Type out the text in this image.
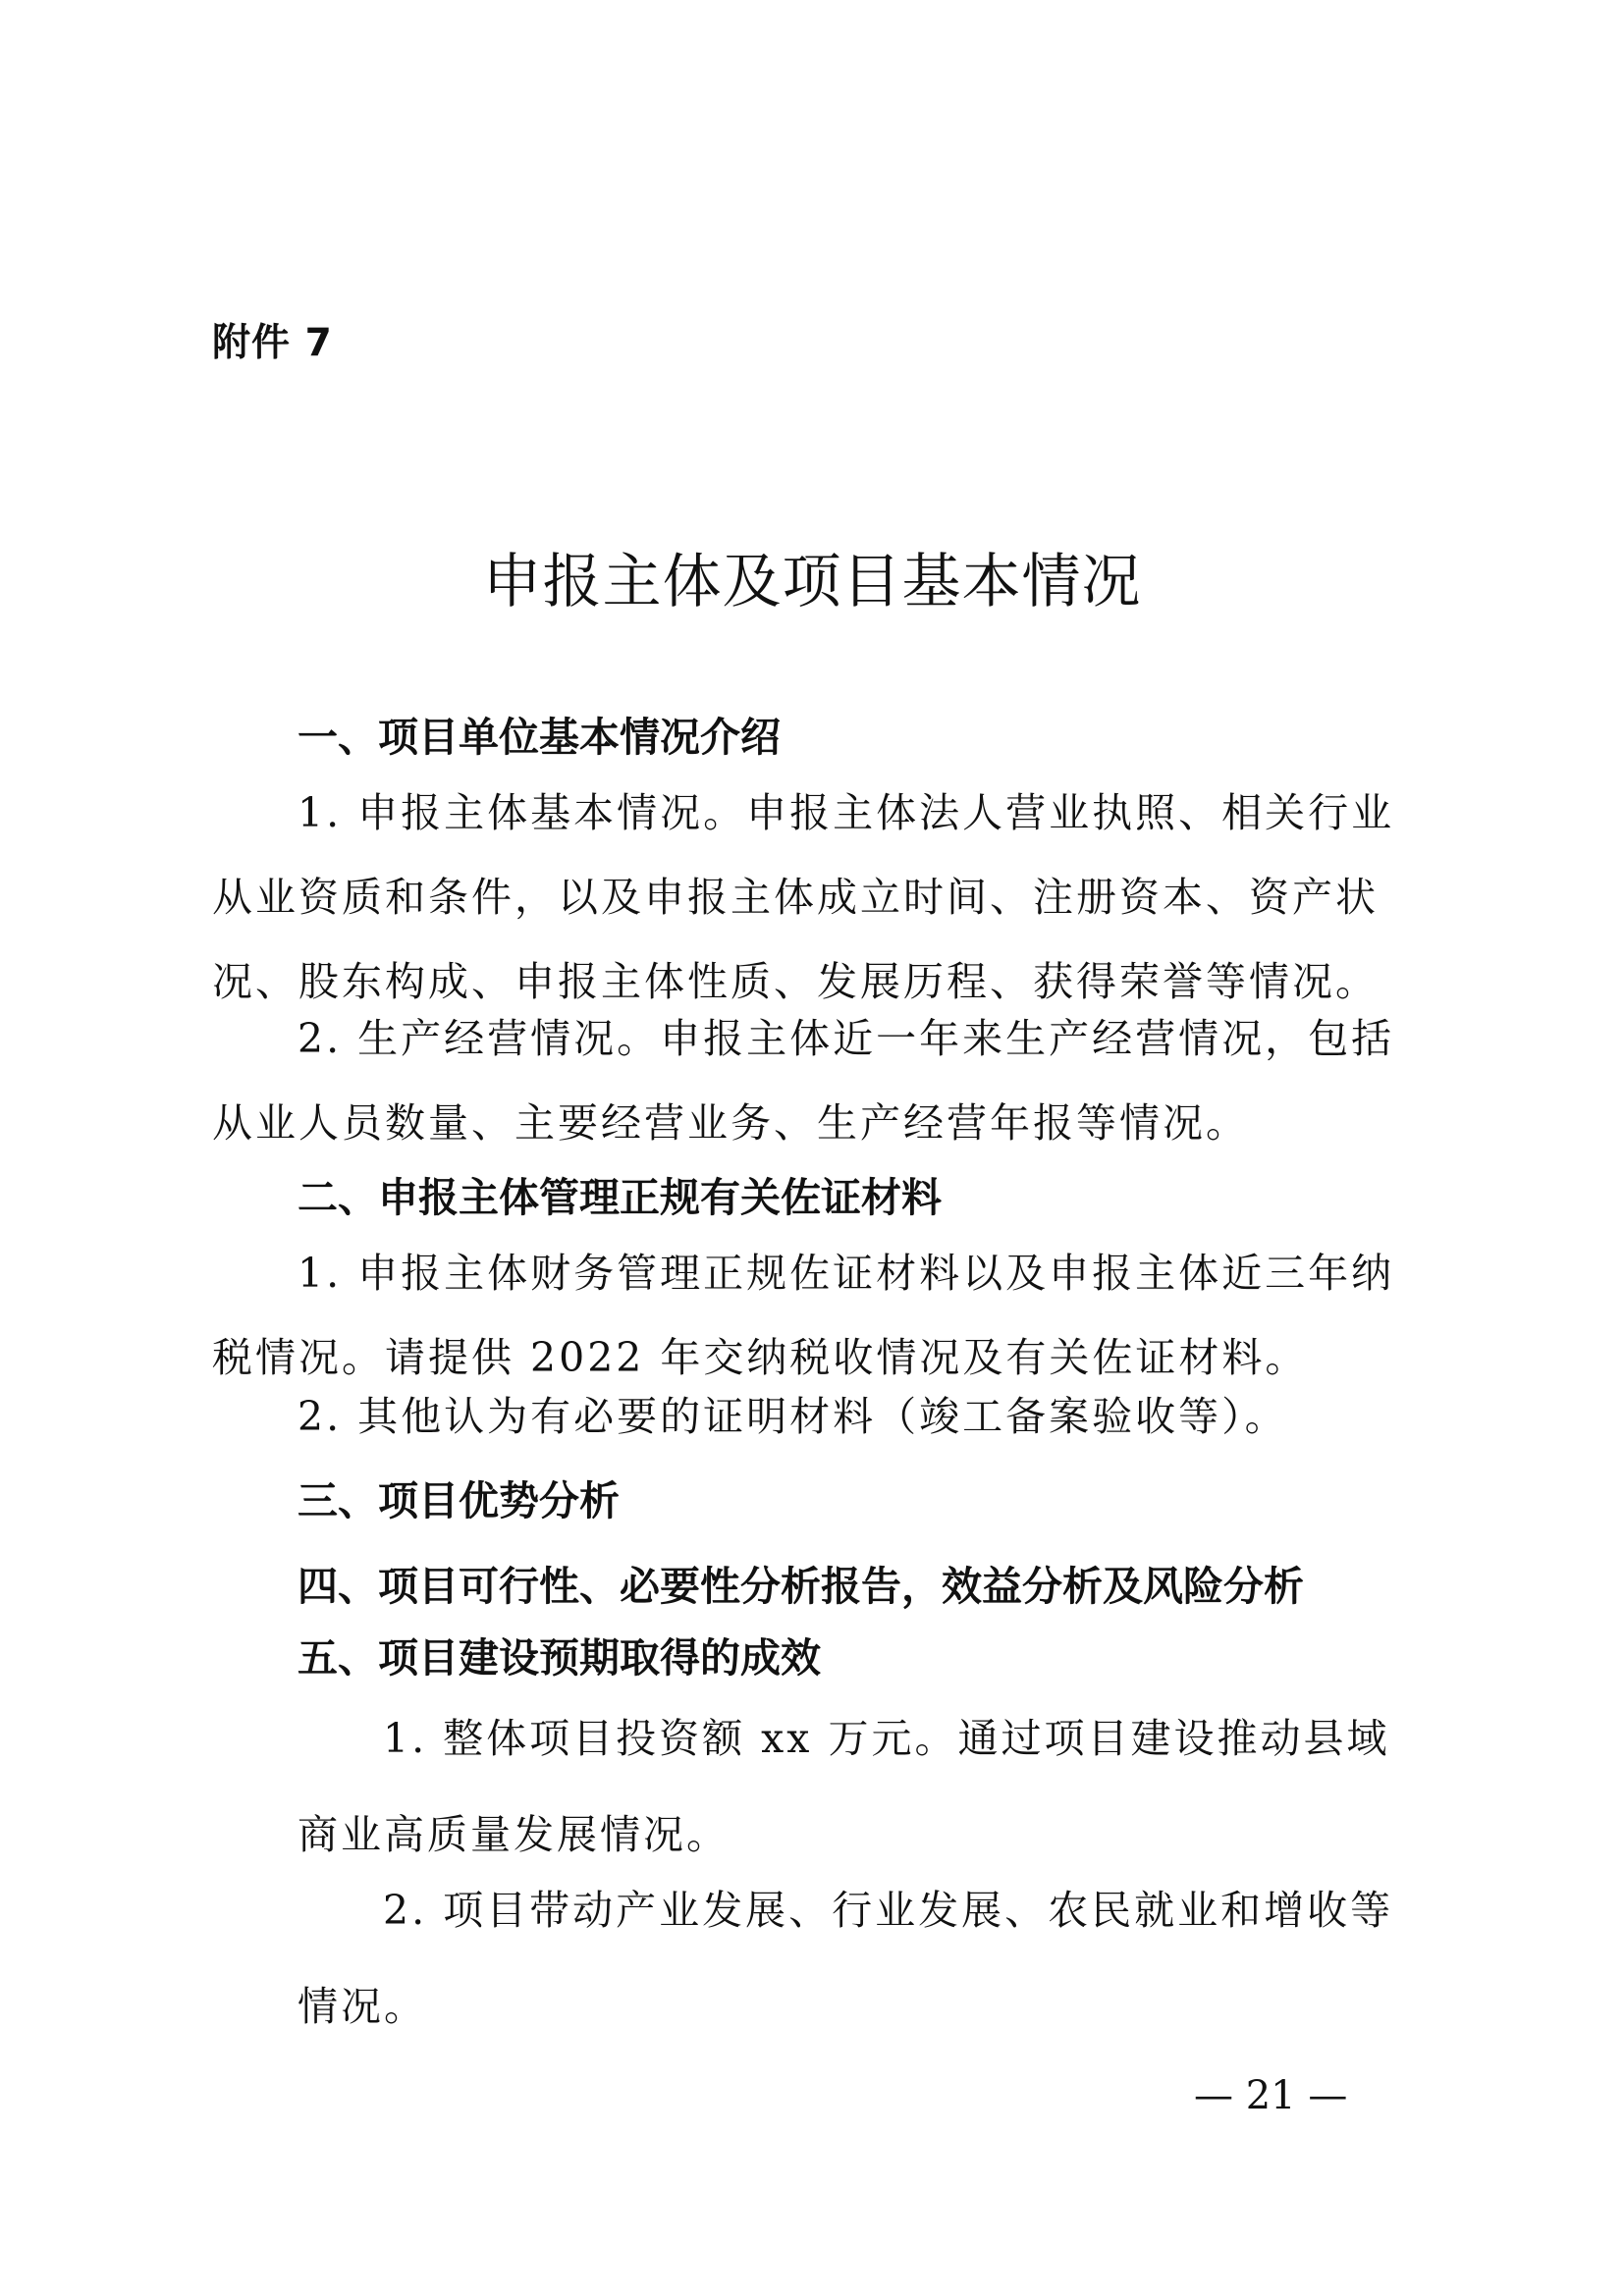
附件 7
申报主体及项目基本情况
一、项目单位基本情况介绍
1. 申报主体基本情况。申报主体法人营业执照、相关行业从业资质和条件，以及申报主体成立时间、注册资本、资产状况、股东构成、申报主体性质、发展历程、获得荣誉等情况。
2. 生产经营情况。申报主体近一年来生产经营情况，包括从业人员数量、主要经营业务、生产经营年报等情况。
二、申报主体管理正规有关佐证材料
1. 申报主体财务管理正规佐证材料以及申报主体近三年纳税情况。请提供 2022 年交纳税收情况及有关佐证材料。
2. 其他认为有必要的证明材料（竣工备案验收等）。
三、项目优势分析
四、项目可行性、必要性分析报告，效益分析及风险分析
五、项目建设预期取得的成效
1. 整体项目投资额 xx 万元。通过项目建设推动县域商业高质量发展情况。
2. 项目带动产业发展、行业发展、农民就业和增收等情况。
— 21 —
